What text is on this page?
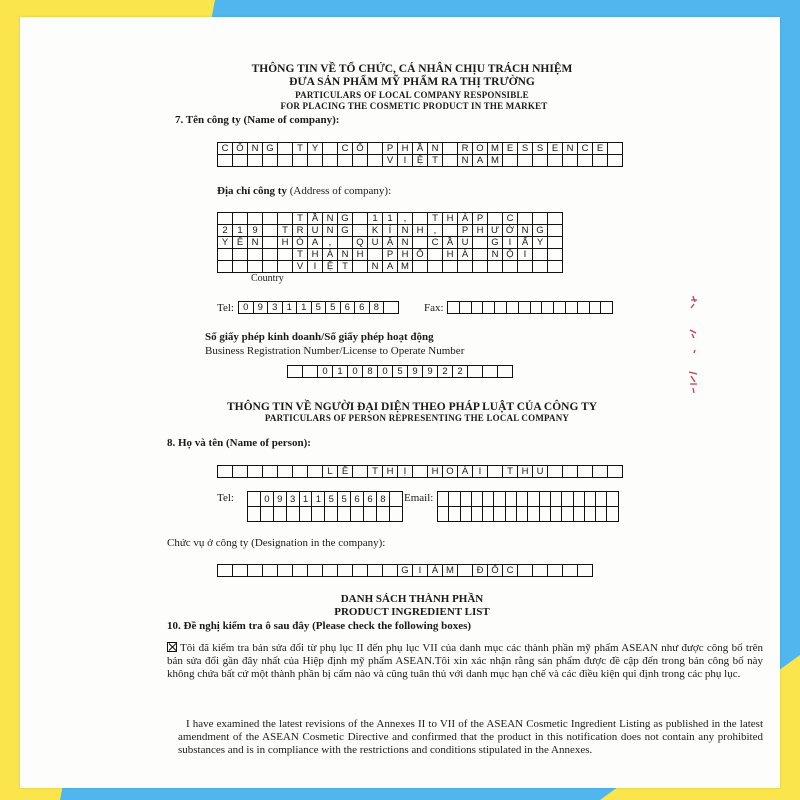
THÔNG TIN VỀ TỔ CHỨC, CÁ NHÂN CHỊU TRÁCH NHIỆM
ĐƯA SẢN PHẨM MỸ PHẨM RA THỊ TRƯỜNG
PARTICULARS OF LOCAL COMPANY RESPONSIBLE
FOR PLACING THE COSMETIC PRODUCT IN THE MARKET
7. Tên công ty (Name of company):
C Ô N G	T Y	C Ổ	P H Ầ N	R O M E S S E N C E
V	I	Ệ T	N A M
Địa chỉ công ty (Address of company):
T Ầ N G	1	1	,	T H Á P	C
2	1	9	T R U N G	K	Í	N H	,	P H Ư Ờ N G
Y Ê N	H Ò A	,	Q U Ậ N	C Ầ U	G	I	Ấ Y
T H À N H	P H Ố	H À	N Ộ	I
V	I	Ệ T	N A M
Country
Tel: 0 9 3 1 1 5 5 6 6 8	Fax:
Số giấy phép kinh doanh/Số giấy phép hoạt động
Business Registration Number/License to Operate Number
0	1	0	8	0	5	9	9	2	2
THÔNG TIN VỀ NGƯỜI ĐẠI DIỆN THEO PHÁP LUẬT CỦA CÔNG TY
PARTICULARS OF PERSON REPRESENTING THE LOCAL COMPANY
8. Họ và tên (Name of person):
L Ê	T H	Ị	H O À	I	T H U
Tel:	0 9 3 1 1 5 5 6 6 8	Email:
Chức vụ ở công ty (Designation in the company):
G	I	Á M	Đ Ố C
DANH SÁCH THÀNH PHẦN
PRODUCT INGREDIENT LIST
10. Đề nghị kiểm tra ô sau đây (Please check the following boxes)
Tôi đã kiểm tra bản sửa đổi từ phụ lục II đến phụ lục VII của danh mục các thành phần mỹ phẩm ASEAN như được công bố trên bản sửa đổi gần đây nhất của Hiệp định mỹ phẩm ASEAN.Tôi xin xác nhận rằng sản phẩm được đề cập đến trong bản công bố này không chứa bất cứ một thành phần bị cấm nào và cũng tuân thủ với danh mục hạn chế và các điều kiện qui định trong các phụ lục.
I have examined the latest revisions of the Annexes II to VII of the ASEAN Cosmetic Ingredient Listing as published in the latest amendment of the ASEAN Cosmetic Directive and confirmed that the product in this notification does not contain any prohibited substances and is in compliance with the restrictions and conditions stipulated in the Annexes.
